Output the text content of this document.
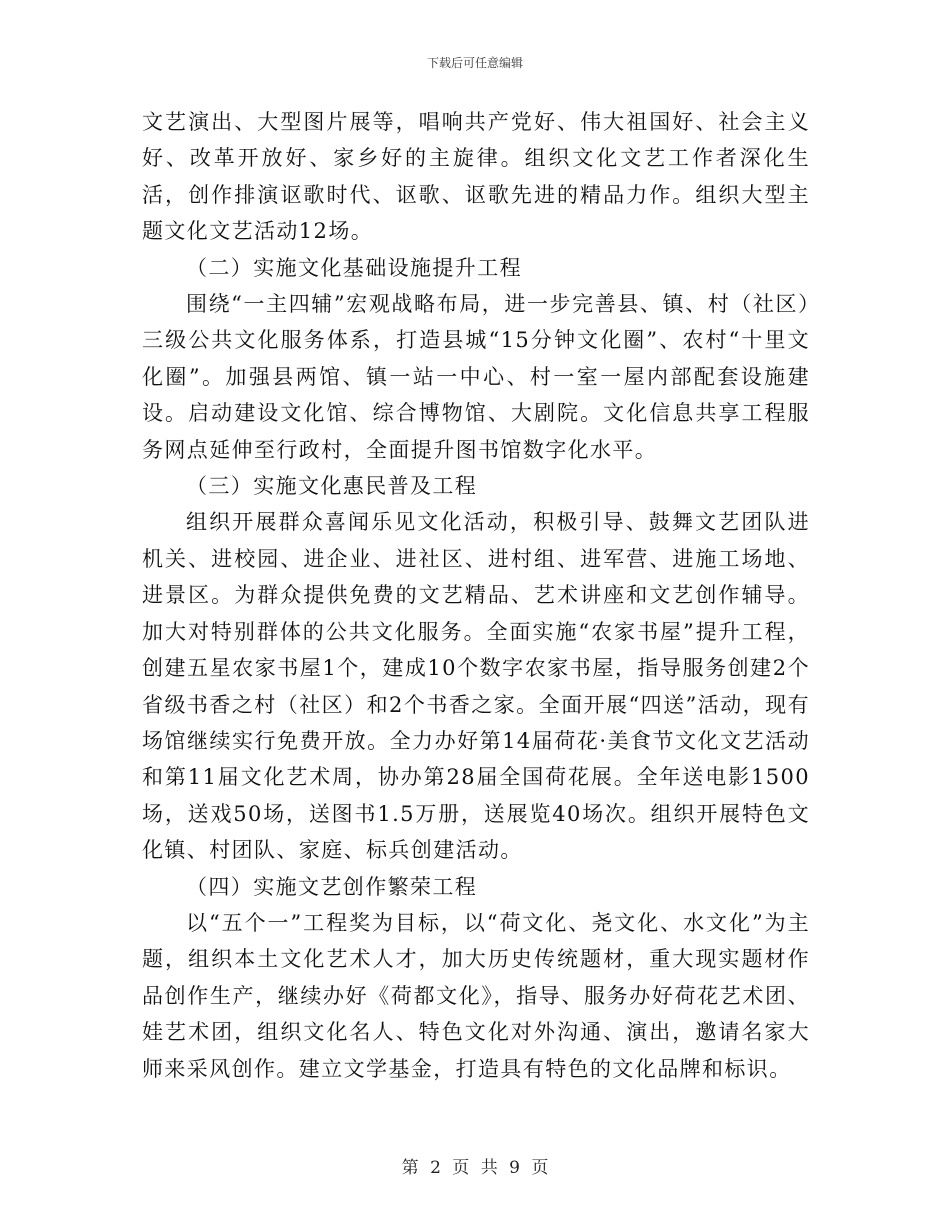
下载后可任意编辑

文艺演出、大型图片展等，唱响共产党好、伟大祖国好、社会主义好、改革开放好、家乡好的主旋律。组织文化文艺工作者深化生活，创作排演讴歌时代、讴歌、讴歌先进的精品力作。组织大型主题文化文艺活动12场。

（二）实施文化基础设施提升工程

围绕“一主四辅”宏观战略布局，进一步完善县、镇、村（社区）三级公共文化服务体系，打造县城“15分钟文化圈”、农村“十里文化圈”。加强县两馆、镇一站一中心、村一室一屋内部配套设施建设。启动建设文化馆、综合博物馆、大剧院。文化信息共享工程服务网点延伸至行政村，全面提升图书馆数字化水平。

（三）实施文化惠民普及工程

组织开展群众喜闻乐见文化活动，积极引导、鼓舞文艺团队进机关、进校园、进企业、进社区、进村组、进军营、进施工场地、进景区。为群众提供免费的文艺精品、艺术讲座和文艺创作辅导。加大对特别群体的公共文化服务。全面实施“农家书屋”提升工程，创建五星农家书屋1个，建成10个数字农家书屋，指导服务创建2个省级书香之村（社区）和2个书香之家。全面开展“四送”活动，现有场馆继续实行免费开放。全力办好第14届荷花·美食节文化文艺活动和第11届文化艺术周，协办第28届全国荷花展。全年送电影1500场，送戏50场，送图书1.5万册，送展览40场次。组织开展特色文化镇、村团队、家庭、标兵创建活动。

（四）实施文艺创作繁荣工程

以“五个一”工程奖为目标，以“荷文化、尧文化、水文化”为主题，组织本土文化艺术人才，加大历史传统题材，重大现实题材作品创作生产，继续办好《荷都文化》，指导、服务办好荷花艺术团、娃艺术团，组织文化名人、特色文化对外沟通、演出，邀请名家大师来采风创作。建立文学基金，打造具有特色的文化品牌和标识。

第 2 页 共 9 页
